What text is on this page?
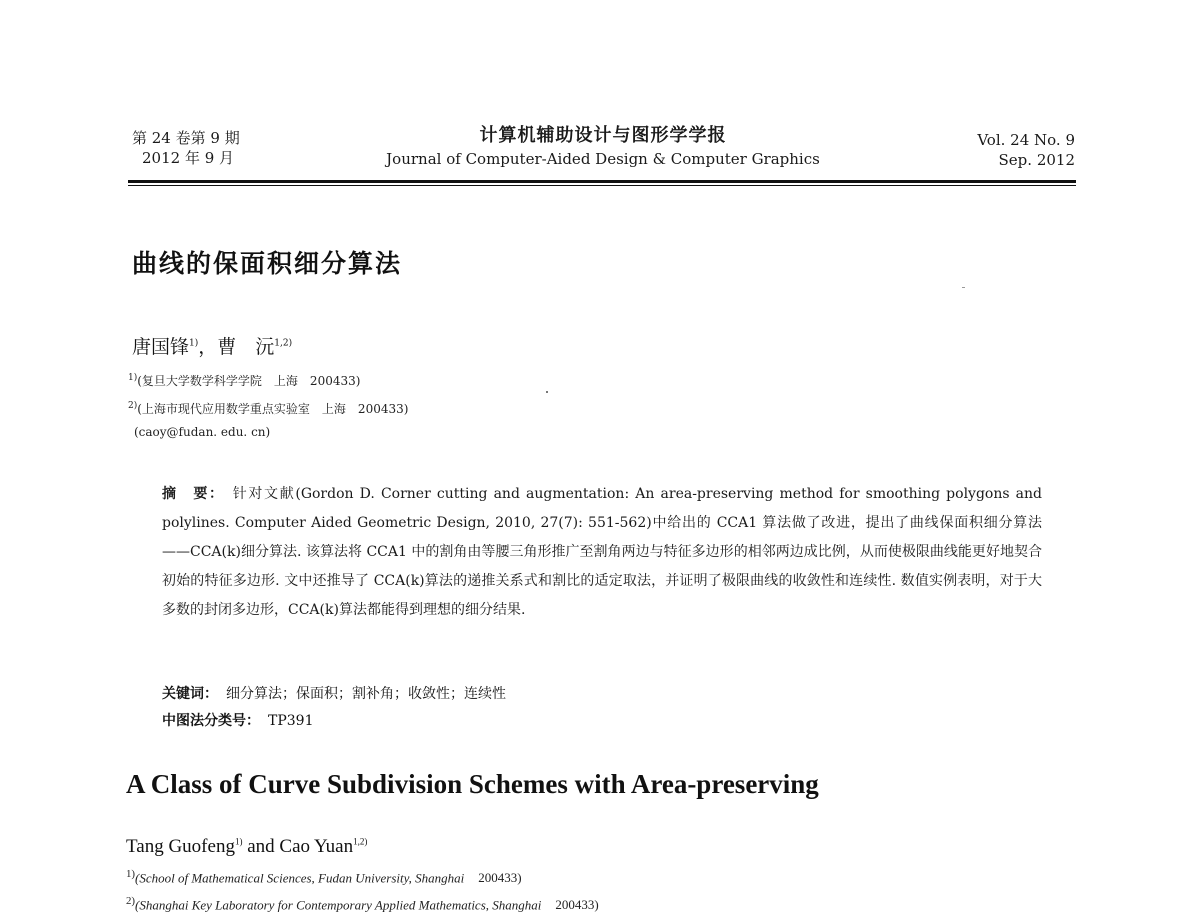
第 24 卷第 9 期
2012 年 9 月
计算机辅助设计与图形学学报
Journal of Computer-Aided Design & Computer Graphics
Vol. 24 No. 9
Sep. 2012
曲线的保面积细分算法
唐国锋$^{1)}$，曹　沅$^{1,2)}$
$^{1)}$(复旦大学数学科学学院　上海　200433)
$^{2)}$(上海市现代应用数学重点实验室　上海　200433)
(caoy@fudan. edu. cn)
摘　要： 针对文献(Gordon D. Corner cutting and augmentation: An area-preserving method for smoothing polygons and polylines. Computer Aided Geometric Design, 2010, 27(7): 551-562)中给出的 CCA1 算法做了改进，提出了曲线保面积细分算法——CCA(k)细分算法. 该算法将 CCA1 中的割角由等腰三角形推广至割角两边与特征多边形的相邻两边成比例，从而使极限曲线能更好地契合初始的特征多边形. 文中还推导了 CCA(k)算法的递推关系式和割比的适定取法，并证明了极限曲线的收敛性和连续性. 数值实例表明，对于大多数的封闭多边形，CCA(k)算法都能得到理想的细分结果.
关键词： 细分算法；保面积；割补角；收敛性；连续性
中图法分类号： TP391
A Class of Curve Subdivision Schemes with Area-preserving
Tang Guofeng$^{1)}$ and Cao Yuan$^{1,2)}$
$^{1)}$(School of Mathematical Sciences, Fudan University, Shanghai 200433)
$^{2)}$(Shanghai Key Laboratory for Contemporary Applied Mathematics, Shanghai 200433)
